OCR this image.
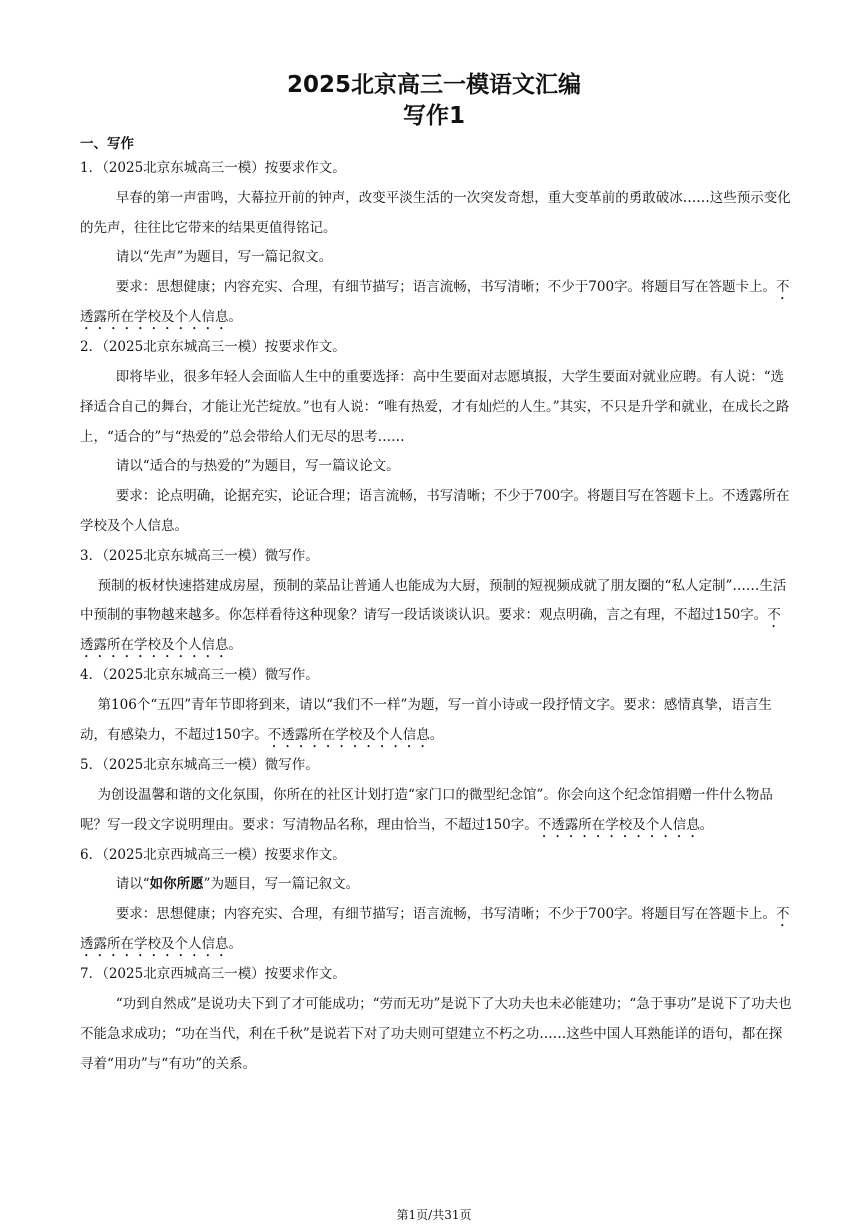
2025北京高三一模语文汇编
写作1
一、写作

1．（2025北京东城高三一模）按要求作文。

早春的第一声雷鸣，大幕拉开前的钟声，改变平淡生活的一次突发奇想，重大变革前的勇敢破冰……这些预示变化的先声，往往比它带来的结果更值得铭记。

请以“先声”为题目，写一篇记叙文。

要求：思想健康；内容充实、合理，有细节描写；语言流畅，书写清晰；不少于700字。将题目写在答题卡上。不透露所在学校及个人信息。

2．（2025北京东城高三一模）按要求作文。

即将毕业，很多年轻人会面临人生中的重要选择：高中生要面对志愿填报，大学生要面对就业应聘。有人说：“选择适合自己的舞台，才能让光芒绽放。”也有人说：“唯有热爱，才有灿烂的人生。”其实，不只是升学和就业，在成长之路上，“适合的”与“热爱的”总会带给人们无尽的思考……

请以“适合的与热爱的”为题目，写一篇议论文。

要求：论点明确，论据充实，论证合理；语言流畅，书写清晰；不少于700字。将题目写在答题卡上。不透露所在学校及个人信息。

3．（2025北京东城高三一模）微写作。

预制的板材快速搭建成房屋，预制的菜品让普通人也能成为大厨，预制的短视频成就了朋友圈的“私人定制”……生活中预制的事物越来越多。你怎样看待这种现象？请写一段话谈谈认识。要求：观点明确，言之有理，不超过150字。不透露所在学校及个人信息。

4．（2025北京东城高三一模）微写作。

第106个“五四”青年节即将到来，请以“我们不一样”为题，写一首小诗或一段抒情文字。要求：感情真挚，语言生动，有感染力，不超过150字。不透露所在学校及个人信息。

5．（2025北京东城高三一模）微写作。

为创设温馨和谐的文化氛围，你所在的社区计划打造“家门口的微型纪念馆”。你会向这个纪念馆捐赠一件什么物品呢？写一段文字说明理由。要求：写清物品名称，理由恰当，不超过150字。不透露所在学校及个人信息。

6．（2025北京西城高三一模）按要求作文。

请以“如你所愿”为题目，写一篇记叙文。

要求：思想健康；内容充实、合理，有细节描写；语言流畅，书写清晰；不少于700字。将题目写在答题卡上。不透露所在学校及个人信息。

7．（2025北京西城高三一模）按要求作文。

“功到自然成”是说功夫下到了才可能成功；“劳而无功”是说下了大功夫也未必能建功；“急于事功”是说下了功夫也不能急求成功；“功在当代，利在千秋”是说若下对了功夫则可望建立不朽之功……这些中国人耳熟能详的语句，都在探寻着“用功”与“有功”的关系。

第1页/共31页
